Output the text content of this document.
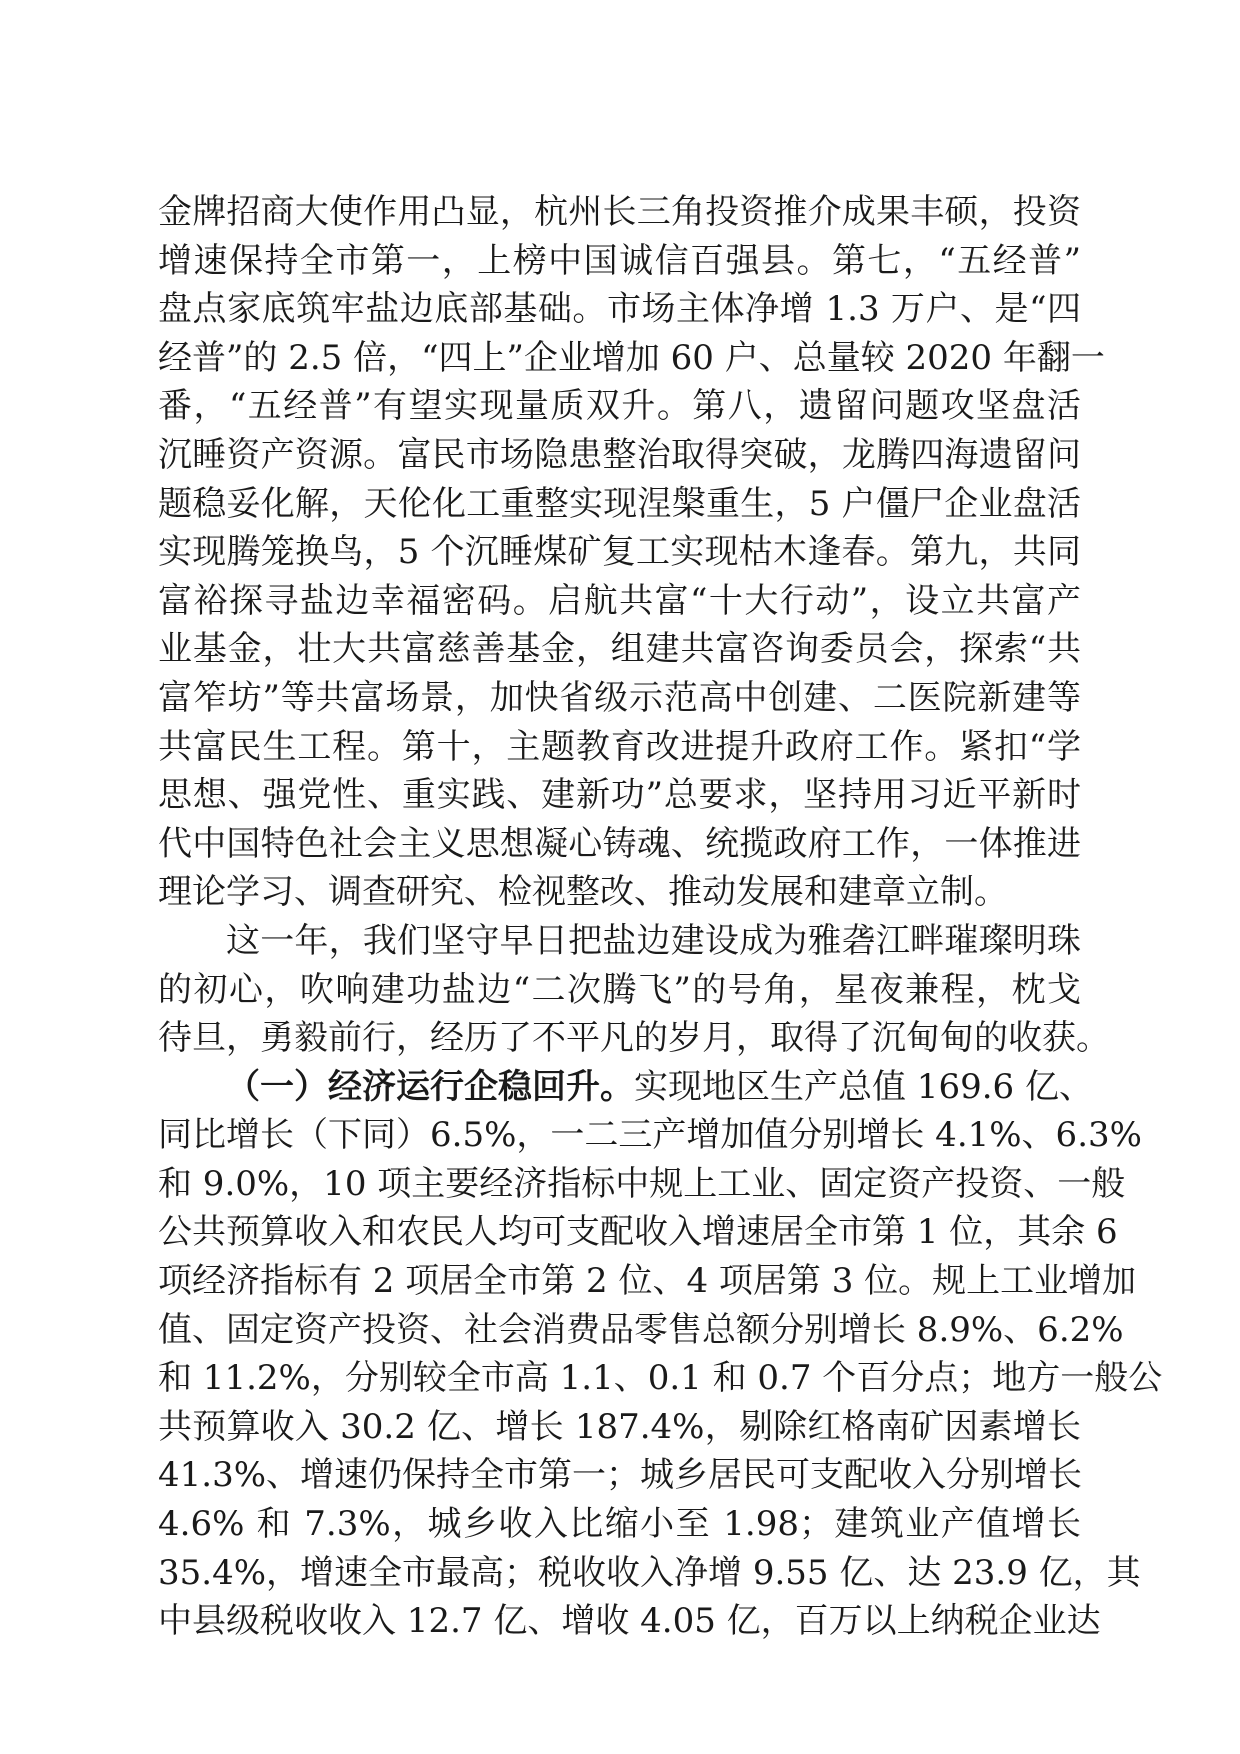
金牌招商大使作用凸显，杭州长三角投资推介成果丰硕，投资
增速保持全市第一，上榜中国诚信百强县。第七，“五经普”
盘点家底筑牢盐边底部基础。市场主体净增 1.3 万户、是“四
经普”的 2.5 倍，“四上”企业增加 60 户、总量较 2020 年翻一
番，“五经普”有望实现量质双升。第八，遗留问题攻坚盘活
沉睡资产资源。富民市场隐患整治取得突破，龙腾四海遗留问
题稳妥化解，天伦化工重整实现涅槃重生，5 户僵尸企业盘活
实现腾笼换鸟，5 个沉睡煤矿复工实现枯木逢春。第九，共同
富裕探寻盐边幸福密码。启航共富“十大行动”，设立共富产
业基金，壮大共富慈善基金，组建共富咨询委员会，探索“共
富笮坊”等共富场景，加快省级示范高中创建、二医院新建等
共富民生工程。第十，主题教育改进提升政府工作。紧扣“学
思想、强党性、重实践、建新功”总要求，坚持用习近平新时
代中国特色社会主义思想凝心铸魂、统揽政府工作，一体推进
理论学习、调查研究、检视整改、推动发展和建章立制。
这一年，我们坚守早日把盐边建设成为雅砻江畔璀璨明珠
的初心，吹响建功盐边“二次腾飞”的号角，星夜兼程，枕戈
待旦，勇毅前行，经历了不平凡的岁月，取得了沉甸甸的收获。
（一）经济运行企稳回升。实现地区生产总值 169.6 亿、
同比增长（下同）6.5%，一二三产增加值分别增长 4.1%、6.3%
和 9.0%，10 项主要经济指标中规上工业、固定资产投资、一般
公共预算收入和农民人均可支配收入增速居全市第 1 位，其余 6
项经济指标有 2 项居全市第 2 位、4 项居第 3 位。规上工业增加
值、固定资产投资、社会消费品零售总额分别增长 8.9%、6.2%
和 11.2%，分别较全市高 1.1、0.1 和 0.7 个百分点；地方一般公
共预算收入 30.2 亿、增长 187.4%，剔除红格南矿因素增长
41.3%、增速仍保持全市第一；城乡居民可支配收入分别增长
4.6% 和 7.3%，城乡收入比缩小至 1.98；建筑业产值增长
35.4%，增速全市最高；税收收入净增 9.55 亿、达 23.9 亿，其
中县级税收收入 12.7 亿、增收 4.05 亿，百万以上纳税企业达
